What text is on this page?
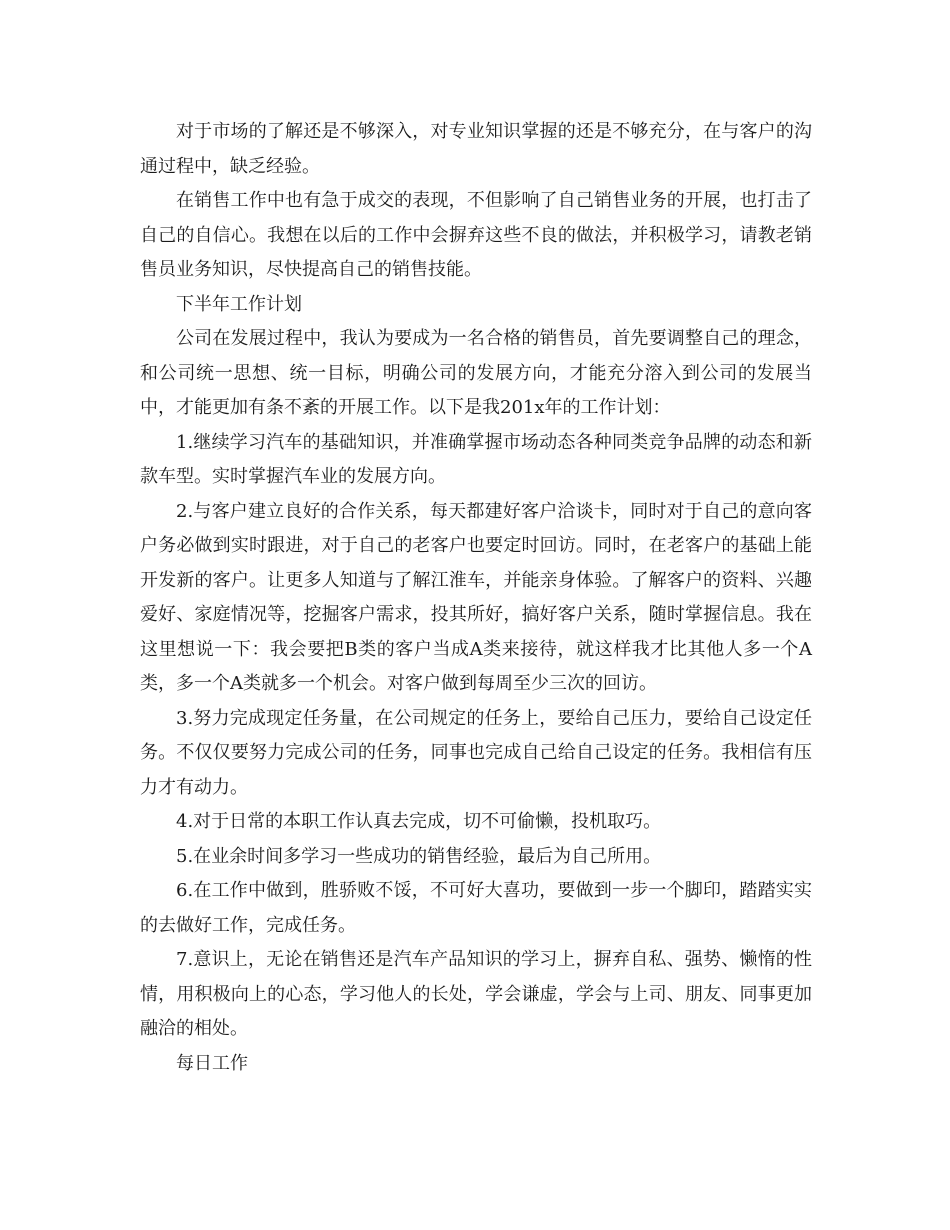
对于市场的了解还是不够深入，对专业知识掌握的还是不够充分，在与客户的沟通过程中，缺乏经验。

在销售工作中也有急于成交的表现，不但影响了自己销售业务的开展，也打击了自己的自信心。我想在以后的工作中会摒弃这些不良的做法，并积极学习，请教老销售员业务知识，尽快提高自己的销售技能。

下半年工作计划

公司在发展过程中，我认为要成为一名合格的销售员，首先要调整自己的理念，和公司统一思想、统一目标，明确公司的发展方向，才能充分溶入到公司的发展当中，才能更加有条不紊的开展工作。以下是我201x年的工作计划：

1.继续学习汽车的基础知识，并准确掌握市场动态各种同类竞争品牌的动态和新款车型。实时掌握汽车业的发展方向。

2.与客户建立良好的合作关系，每天都建好客户洽谈卡，同时对于自己的意向客户务必做到实时跟进，对于自己的老客户也要定时回访。同时，在老客户的基础上能开发新的客户。让更多人知道与了解江淮车，并能亲身体验。了解客户的资料、兴趣爱好、家庭情况等，挖掘客户需求，投其所好，搞好客户关系，随时掌握信息。我在这里想说一下：我会要把B类的客户当成A类来接待，就这样我才比其他人多一个A类，多一个A类就多一个机会。对客户做到每周至少三次的回访。

3.努力完成现定任务量，在公司规定的任务上，要给自己压力，要给自己设定任务。不仅仅要努力完成公司的任务，同事也完成自己给自己设定的任务。我相信有压力才有动力。

4.对于日常的本职工作认真去完成，切不可偷懒，投机取巧。

5.在业余时间多学习一些成功的销售经验，最后为自己所用。

6.在工作中做到，胜骄败不馁，不可好大喜功，要做到一步一个脚印，踏踏实实的去做好工作，完成任务。

7.意识上，无论在销售还是汽车产品知识的学习上，摒弃自私、强势、懒惰的性情，用积极向上的心态，学习他人的长处，学会谦虚，学会与上司、朋友、同事更加融洽的相处。

每日工作
